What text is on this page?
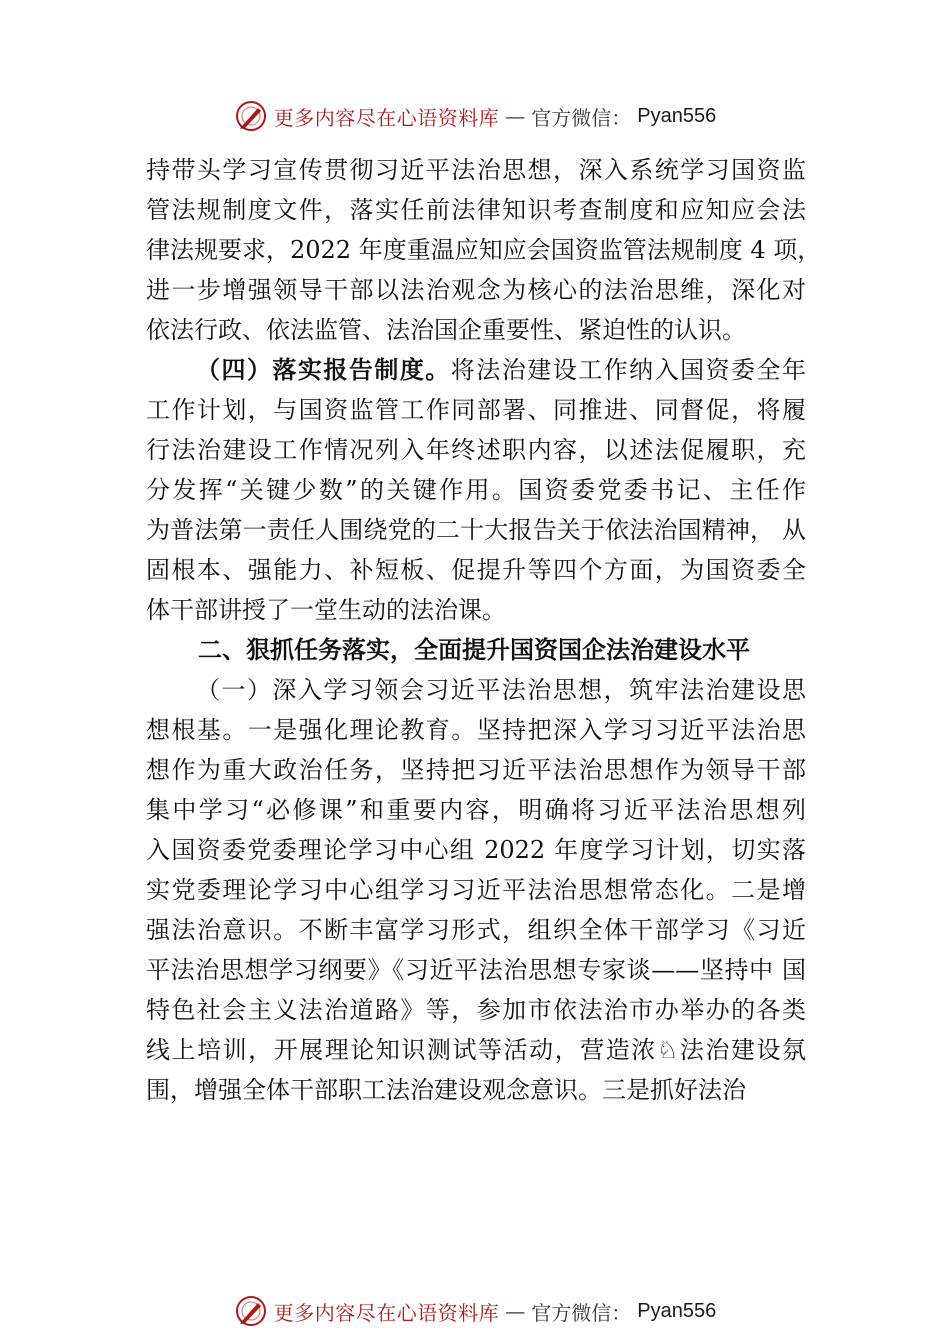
更多内容尽在心语资料库 — 官方微信： Pyan556
持带头学习宣传贯彻习近平法治思想，深入系统学习国资监
管法规制度文件，落实任前法律知识考查制度和应知应会法
律法规要求，2022 年度重温应知应会国资监管法规制度 4 项，
进一步增强领导干部以法治观念为核心的法治思维，深化对
依法行政、依法监管、法治国企重要性、紧迫性的认识。
（四）落实报告制度。将法治建设工作纳入国资委全年
工作计划，与国资监管工作同部署、同推进、同督促，将履
行法治建设工作情况列入年终述职内容，以述法促履职，充
分发挥“关键少数”的关键作用。国资委党委书记、主任作
为普法第一责任人围绕党的二十大报告关于依法治国精神， 从
固根本、强能力、补短板、促提升等四个方面，为国资委全
体干部讲授了一堂生动的法治课。
二、狠抓任务落实，全面提升国资国企法治建设水平
（一）深入学习领会习近平法治思想，筑牢法治建设思
想根基。一是强化理论教育。坚持把深入学习习近平法治思
想作为重大政治任务，坚持把习近平法治思想作为领导干部
集中学习“必修课”和重要内容，明确将习近平法治思想列
入国资委党委理论学习中心组 2022 年度学习计划，切实落
实党委理论学习中心组学习习近平法治思想常态化。二是增
强法治意识。不断丰富学习形式，组织全体干部学习《习近
平法治思想学习纲要》《习近平法治思想专家谈——坚持中 国
特色社会主义法治道路》等，参加市依法治市办举办的各类
线上培训，开展理论知识测试等活动，营造浓♘法治建设氛
围，增强全体干部职工法治建设观念意识。三是抓好法治
更多内容尽在心语资料库 — 官方微信： Pyan556
